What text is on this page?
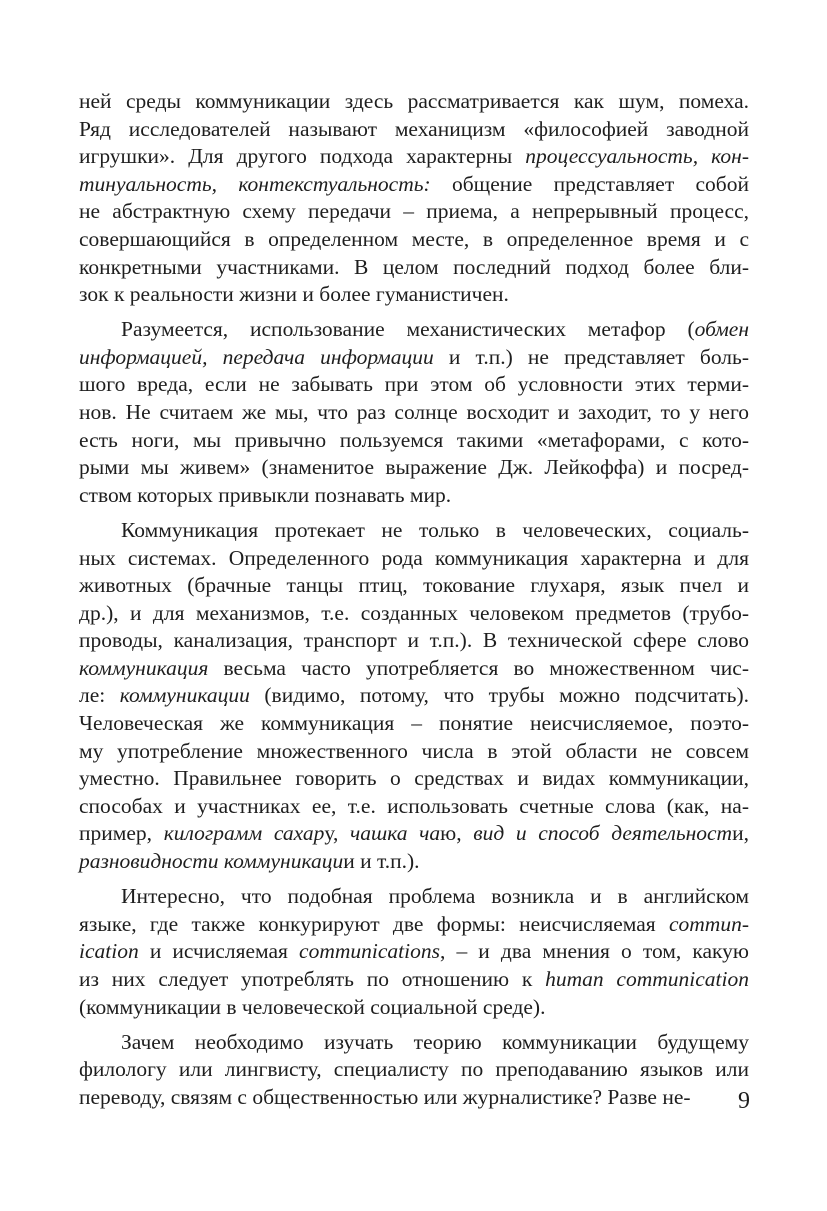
ней среды коммуникации здесь рассматривается как шум, помеха.
Ряд исследователей называют механицизм «философией заводной
игрушки». Для другого подхода характерны процессуальность, кон-
тинуальность, контекстуальность: общение представляет собой
не абстрактную схему передачи – приема, а непрерывный процесс,
совершающийся в определенном месте, в определенное время и с
конкретными участниками. В целом последний подход более бли-
зок к реальности жизни и более гуманистичен.
Разумеется, использование механистических метафор (обмен
информацией, передача информации и т.п.) не представляет боль-
шого вреда, если не забывать при этом об условности этих терми-
нов. Не считаем же мы, что раз солнце восходит и заходит, то у него
есть ноги, мы привычно пользуемся такими «метафорами, с кото-
рыми мы живем» (знаменитое выражение Дж. Лейкоффа) и посред-
ством которых привыкли познавать мир.
Коммуникация протекает не только в человеческих, социаль-
ных системах. Определенного рода коммуникация характерна и для
животных (брачные танцы птиц, токование глухаря, язык пчел и
др.), и для механизмов, т.е. созданных человеком предметов (трубо-
проводы, канализация, транспорт и т.п.). В технической сфере слово
коммуникация весьма часто употребляется во множественном чис-
ле: коммуникации (видимо, потому, что трубы можно подсчитать).
Человеческая же коммуникация – понятие неисчисляемое, поэто-
му употребление множественного числа в этой области не совсем
уместно. Правильнее говорить о средствах и видах коммуникации,
способах и участниках ее, т.е. использовать счетные слова (как, на-
пример, килограмм сахару, чашка чаю, вид и способ деятельности,
разновидности коммуникации и т.п.).
Интересно, что подобная проблема возникла и в английском
языке, где также конкурируют две формы: неисчисляемая commun-
ication и исчисляемая communications, – и два мнения о том, какую
из них следует употреблять по отношению к human communication
(коммуникации в человеческой социальной среде).
Зачем необходимо изучать теорию коммуникации будущему
филологу или лингвисту, специалисту по преподаванию языков или
переводу, связям с общественностью или журналистике? Разве не-	9
